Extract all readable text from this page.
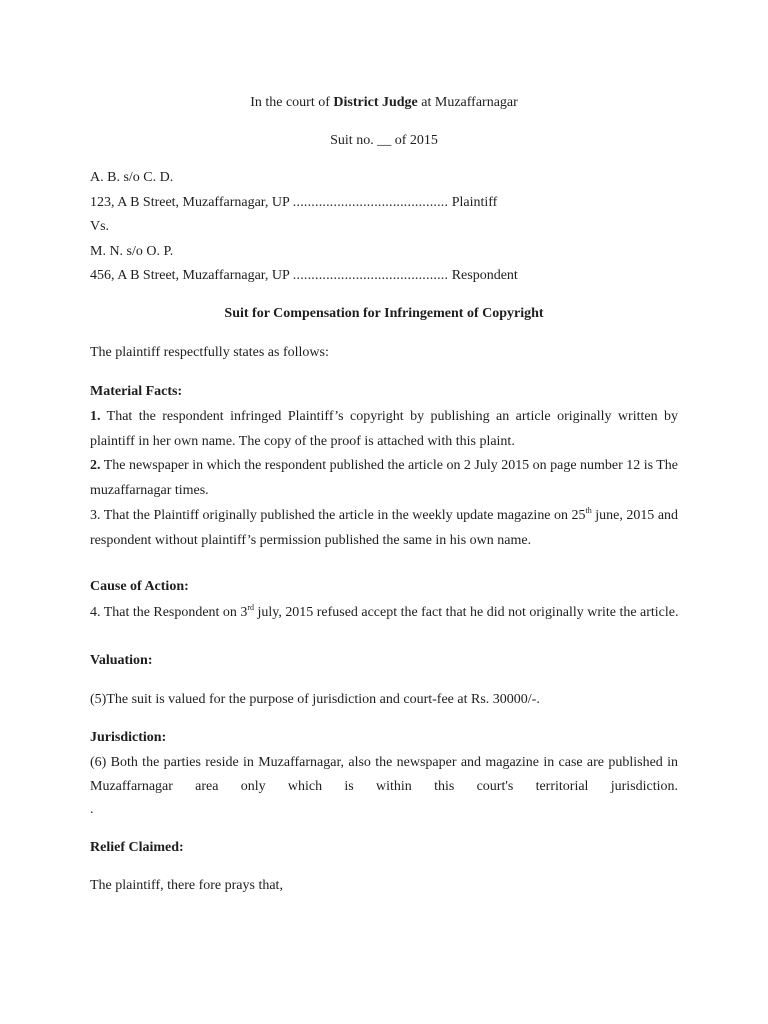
In the court of District Judge at Muzaffarnagar
Suit no. __ of 2015
A. B. s/o C. D.
123, A B Street, Muzaffarnagar, UP .......................................... Plaintiff
Vs.
M. N. s/o O. P.
456, A B Street, Muzaffarnagar, UP .......................................... Respondent
Suit for Compensation for Infringement of Copyright
The plaintiff respectfully states as follows:
Material Facts:
1. That the respondent infringed Plaintiff’s copyright by publishing an article originally written by
plaintiff in her own name. The copy of the proof is attached with this plaint.
2. The newspaper in which the respondent published the article on 2 July 2015 on page number 12 is The
muzaffarnagar times.
3. That the Plaintiff originally published the article in the weekly update magazine on 25th june, 2015 and
respondent without plaintiff’s permission published the same in his own name.
Cause of Action:
4. That the Respondent on 3rd july, 2015 refused accept the fact that he did not originally write the article.
Valuation:
(5)The suit is valued for the purpose of jurisdiction and court-fee at Rs. 30000/-.
Jurisdiction:
(6) Both the parties reside in Muzaffarnagar, also the newspaper and magazine in case are published in
Muzaffarnagar area only which is within this court's territorial jurisdiction.
.
Relief Claimed:
The plaintiff, there fore prays that,
